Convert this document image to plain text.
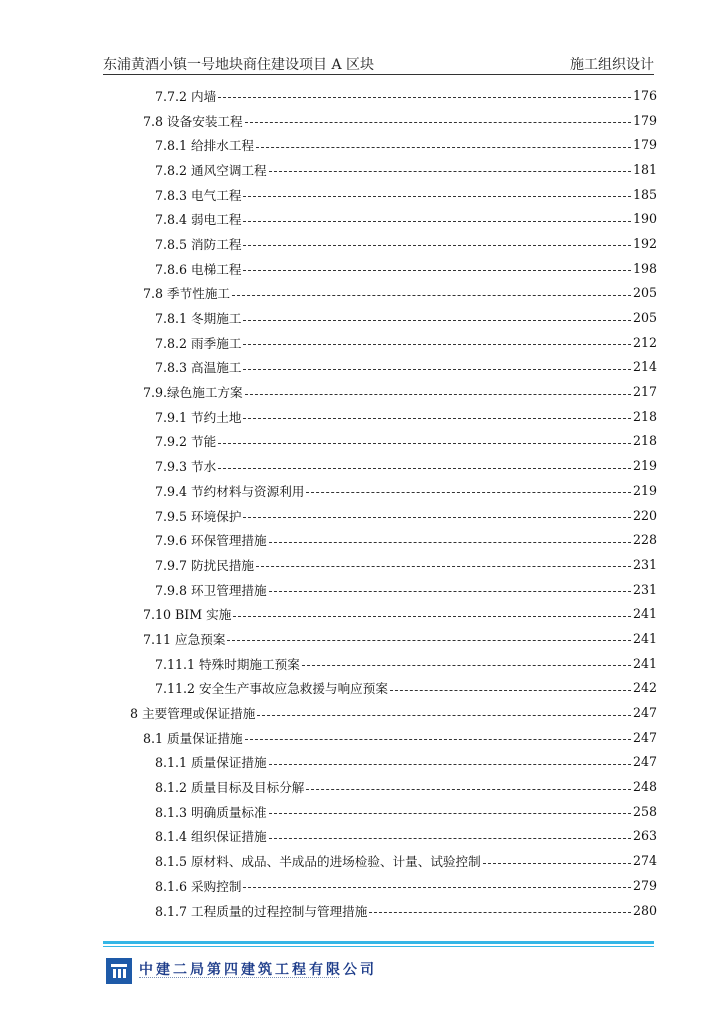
东浦黄酒小镇一号地块商住建设项目 A 区块	施工组织设计
7.7.2 内墙	176
7.8 设备安装工程	179
7.8.1 给排水工程	179
7.8.2 通风空调工程	181
7.8.3 电气工程	185
7.8.4 弱电工程	190
7.8.5 消防工程	192
7.8.6 电梯工程	198
7.8 季节性施工	205
7.8.1 冬期施工	205
7.8.2 雨季施工	212
7.8.3 高温施工	214
7.9.绿色施工方案	217
7.9.1 节约土地	218
7.9.2 节能	218
7.9.3 节水	219
7.9.4 节约材料与资源利用	219
7.9.5 环境保护	220
7.9.6 环保管理措施	228
7.9.7 防扰民措施	231
7.9.8 环卫管理措施	231
7.10 BIM 实施	241
7.11 应急预案	241
7.11.1 特殊时期施工预案	241
7.11.2 安全生产事故应急救援与响应预案	242
8 主要管理或保证措施	247
8.1 质量保证措施	247
8.1.1 质量保证措施	247
8.1.2 质量目标及目标分解	248
8.1.3 明确质量标准	258
8.1.4 组织保证措施	263
8.1.5 原材料、成品、半成品的进场检验、计量、试验控制	274
8.1.6 采购控制	279
8.1.7 工程质量的过程控制与管理措施	280
中建二局第四建筑工程有限公司
